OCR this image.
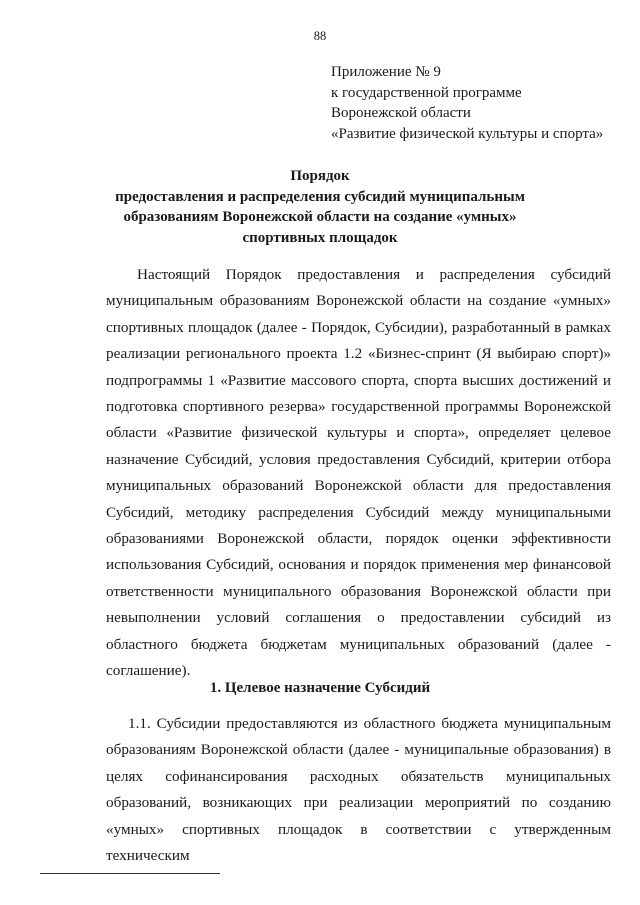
88
Приложение № 9
к государственной программе
Воронежской области
«Развитие физической культуры и спорта»
Порядок
предоставления и распределения субсидий муниципальным
образованиям Воронежской области на создание «умных»
спортивных площадок

Настоящий Порядок предоставления и распределения субсидий муниципальным образованиям Воронежской области на создание «умных» спортивных площадок (далее - Порядок, Субсидии), разработанный в рамках реализации регионального проекта 1.2 «Бизнес-спринт (Я выбираю спорт)» подпрограммы 1 «Развитие массового спорта, спорта высших достижений и подготовка спортивного резерва» государственной программы Воронежской области «Развитие физической культуры и спорта», определяет целевое назначение Субсидий, условия предоставления Субсидий, критерии отбора муниципальных образований Воронежской области для предоставления Субсидий, методику распределения Субсидий между муниципальными образованиями Воронежской области, порядок оценки эффективности использования Субсидий, основания и порядок применения мер финансовой ответственности муниципального образования Воронежской области при невыполнении условий соглашения о предоставлении субсидий из областного бюджета бюджетам муниципальных образований (далее - соглашение).

1. Целевое назначение Субсидий

1.1. Субсидии предоставляются из областного бюджета муниципальным образованиям Воронежской области (далее - муниципальные образования) в целях софинансирования расходных обязательств муниципальных образований, возникающих при реализации мероприятий по созданию «умных» спортивных площадок в соответствии с утвержденным техническим
